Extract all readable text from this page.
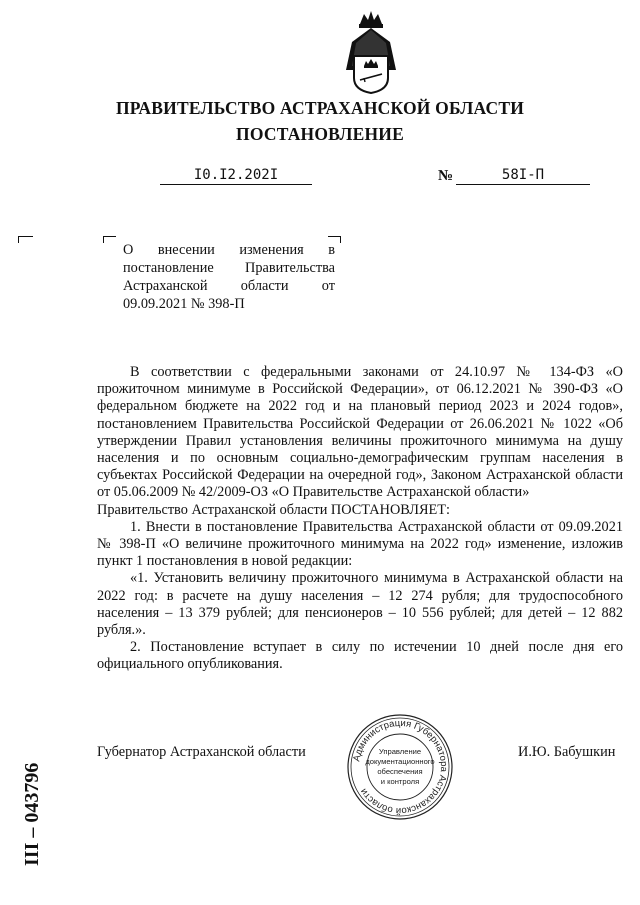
ПРАВИТЕЛЬСТВО АСТРАХАНСКОЙ ОБЛАСТИ
ПОСТАНОВЛЕНИЕ
I0.I2.202I	№	58I-П
О внесении изменения в постановление Правительства Астраханской области от 09.09.2021 № 398-П

В соответствии с федеральными законами от 24.10.97 № 134-ФЗ «О прожиточном минимуме в Российской Федерации», от 06.12.2021 № 390-ФЗ «О федеральном бюджете на 2022 год и на плановый период 2023 и 2024 годов», постановлением Правительства Российской Федерации от 26.06.2021 № 1022 «Об утверждении Правил установления величины прожиточного минимума на душу населения и по основным социально-демографическим группам населения в субъектах Российской Федерации на очередной год», Законом Астраханской области от 05.06.2009 № 42/2009-ОЗ «О Правительстве Астраханской области»

Правительство Астраханской области ПОСТАНОВЛЯЕТ:

1. Внести в постановление Правительства Астраханской области от 09.09.2021 № 398-П «О величине прожиточного минимума на 2022 год» изменение, изложив пункт 1 постановления в новой редакции:

«1. Установить величину прожиточного минимума в Астраханской области на 2022 год: в расчете на душу населения – 12 274 рубля; для трудоспособного населения – 13 379 рублей; для пенсионеров – 10 556 рублей; для детей – 12 882 рубля.».

2. Постановление вступает в силу по истечении 10 дней после дня его официального опубликования.

Губернатор Астраханской области	И.Ю. Бабушкин
Администрация Губернатора Астраханской области
Управление
документационного
обеспечения
и контроля
III – 043796
